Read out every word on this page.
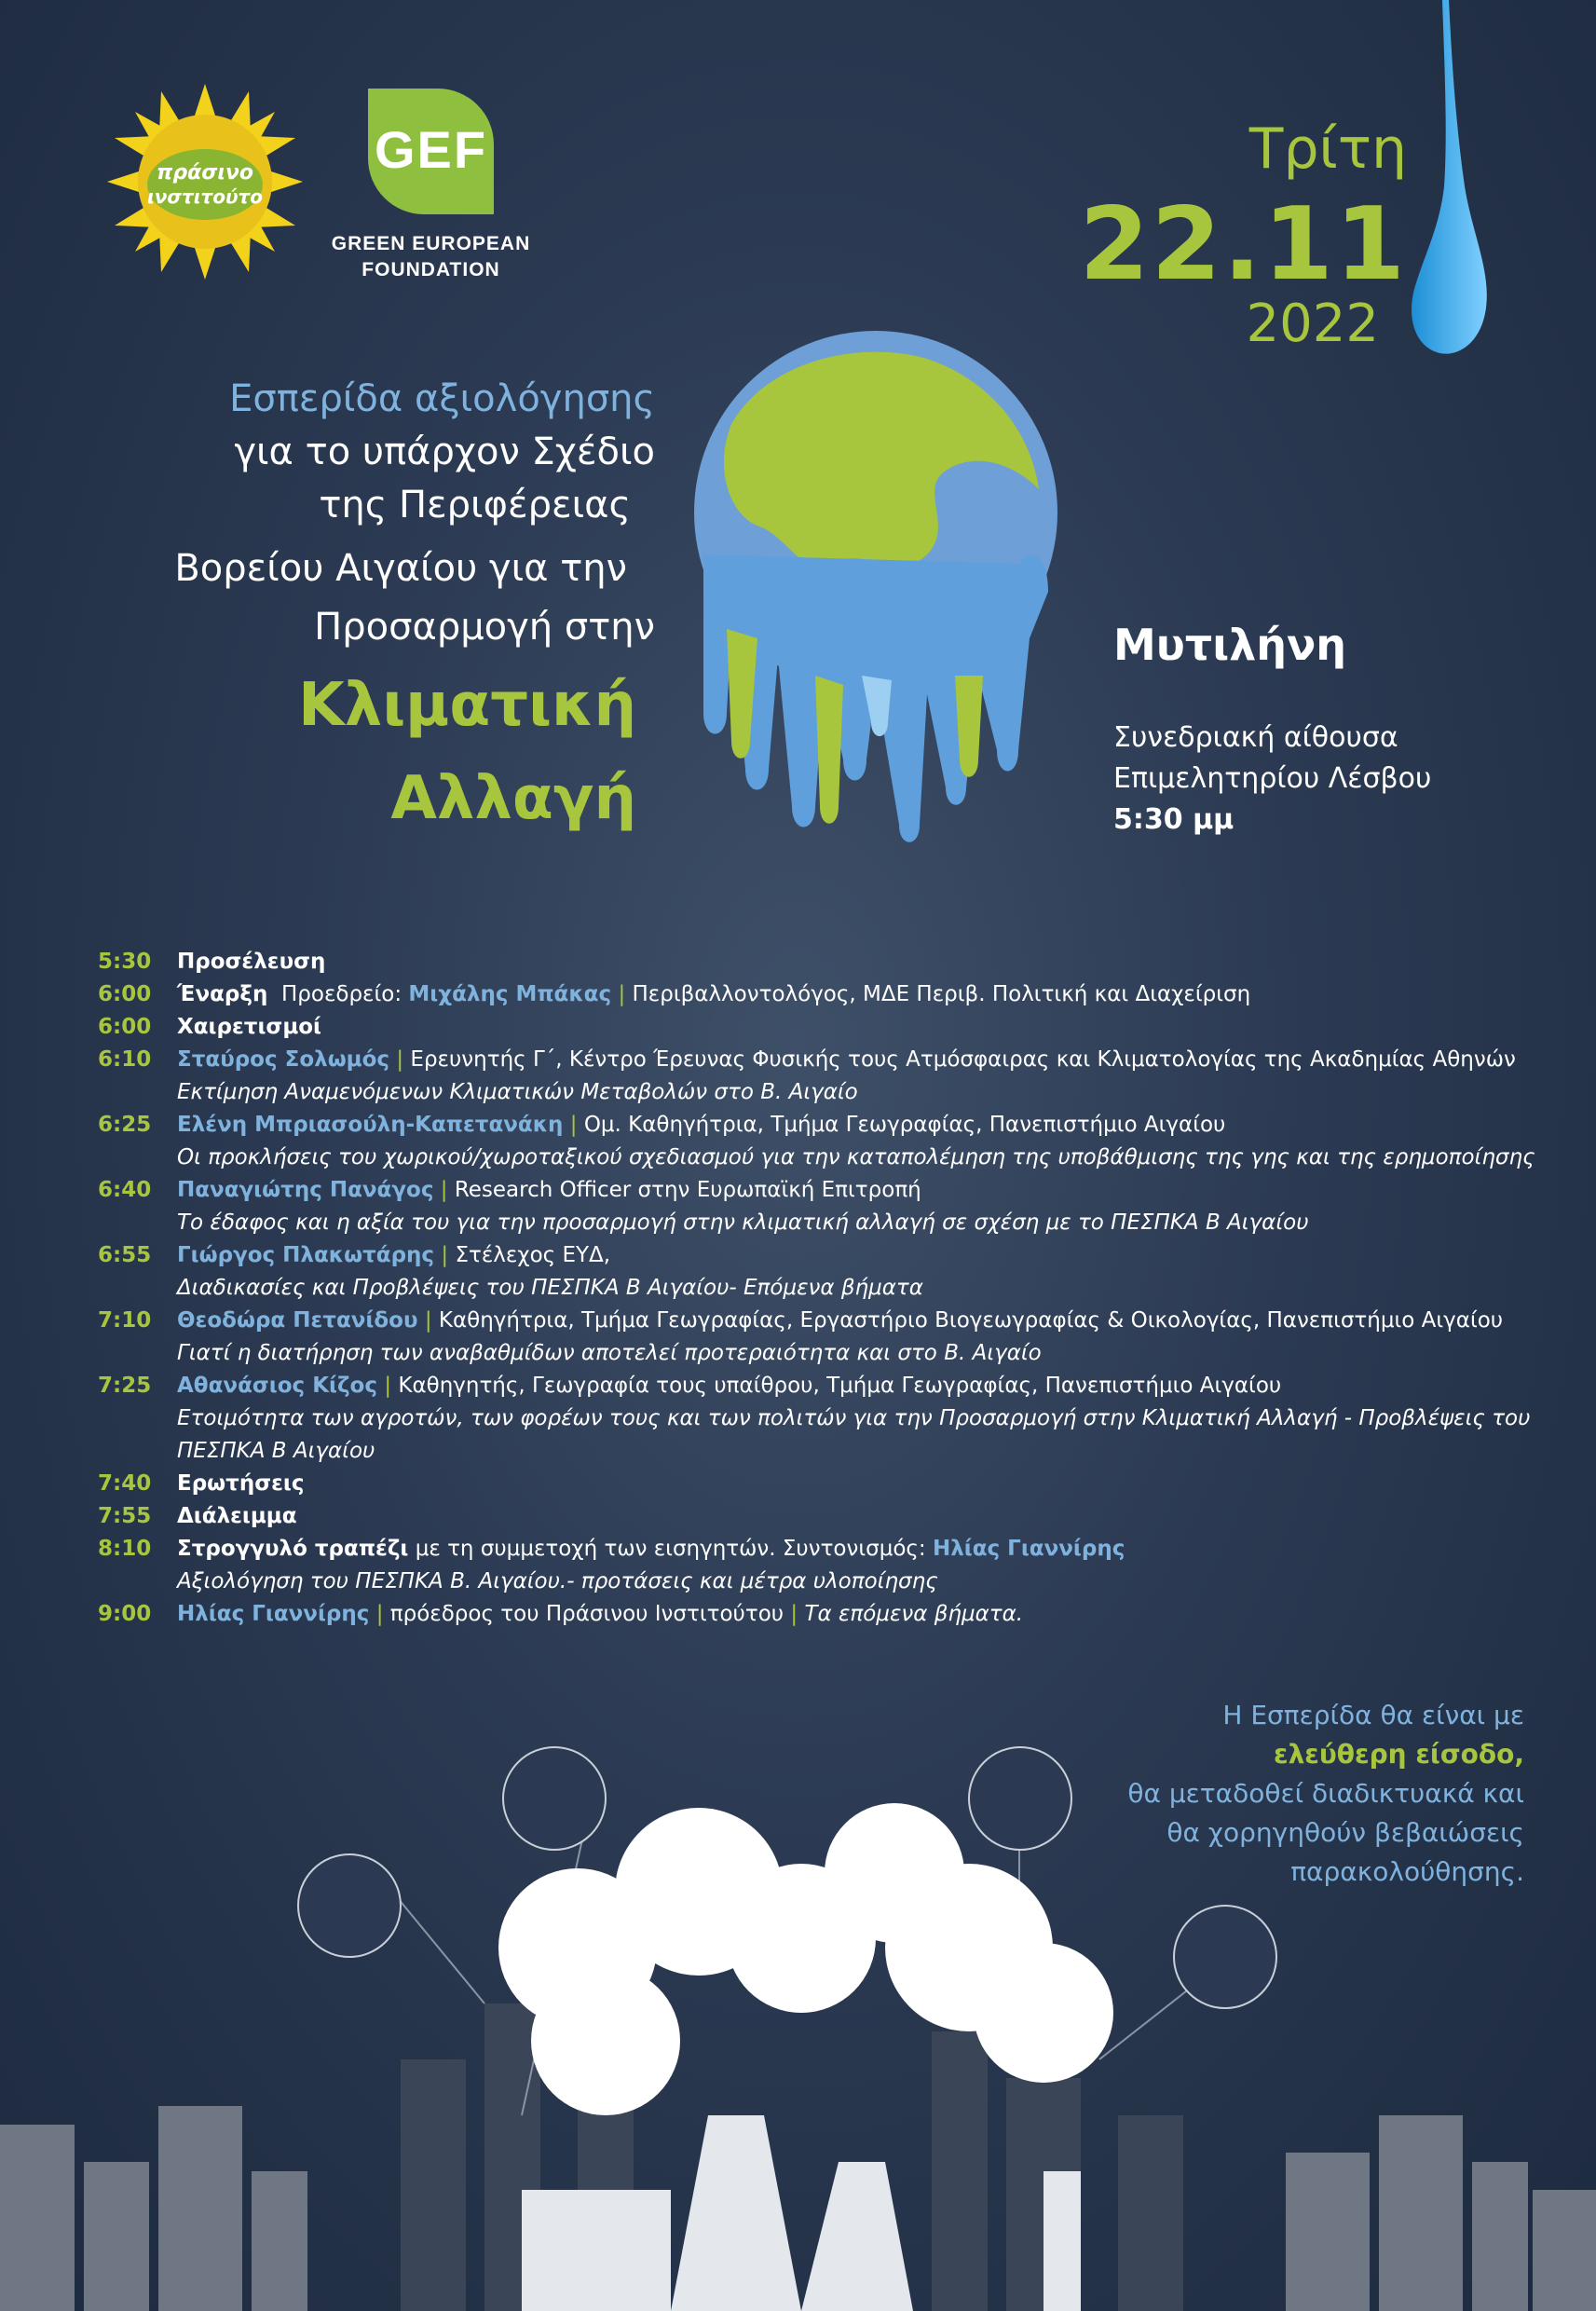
πράσινο
ινστιτούτο
GEF
GREEN EUROPEAN
FOUNDATION
Τρίτη
22.11
2022
Εσπερίδα αξιολόγησης
για το υπάρχον Σχέδιο
της Περιφέρειας
Βορείου Αιγαίου για την
Προσαρμογή στην
Κλιματική
Αλλαγή
Μυτιλήνη
Συνεδριακή αίθουσα
Επιμελητηρίου Λέσβου
5:30 μμ
5:30	Προσέλευση
6:00	Έναρξη Προεδρείο: Μιχάλης Μπάκας | Περιβαλλοντολόγος, ΜΔΕ Περιβ. Πολιτική και Διαχείριση
6:00	Χαιρετισμοί
6:10	Σταύρος Σολωμός | Ερευνητής Γ΄, Κέντρο Έρευνας Φυσικής τους Ατμόσφαιρας και Κλιματολογίας της Ακαδημίας Αθηνών
Εκτίμηση Αναμενόμενων Κλιματικών Μεταβολών στο Β. Αιγαίο
6:25	Ελένη Μπριασούλη-Καπετανάκη | Ομ. Καθηγήτρια, Τμήμα Γεωγραφίας, Πανεπιστήμιο Αιγαίου
Οι προκλήσεις του χωρικού/χωροταξικού σχεδιασμού για την καταπολέμηση της υποβάθμισης της γης και της ερημοποίησης
6:40	Παναγιώτης Πανάγος | Research Officer στην Ευρωπαϊκή Επιτροπή
Το έδαφος και η αξία του για την προσαρμογή στην κλιματική αλλαγή σε σχέση με το ΠΕΣΠΚΑ Β Αιγαίου
6:55	Γιώργος Πλακωτάρης | Στέλεχος ΕΥΔ,
Διαδικασίες και Προβλέψεις του ΠΕΣΠΚΑ Β Αιγαίου- Επόμενα βήματα
7:10	Θεοδώρα Πετανίδου | Καθηγήτρια, Τμήμα Γεωγραφίας, Εργαστήριο Βιογεωγραφίας & Οικολογίας, Πανεπιστήμιο Αιγαίου
Γιατί η διατήρηση των αναβαθμίδων αποτελεί προτεραιότητα και στο Β. Αιγαίο
7:25	Αθανάσιος Κίζος | Καθηγητής, Γεωγραφία τους υπαίθρου, Τμήμα Γεωγραφίας, Πανεπιστήμιο Αιγαίου
Ετοιμότητα των αγροτών, των φορέων τους και των πολιτών για την Προσαρμογή στην Κλιματική Αλλαγή - Προβλέψεις του
ΠΕΣΠΚΑ Β Αιγαίου
7:40	Ερωτήσεις
7:55	Διάλειμμα
8:10	Στρογγυλό τραπέζι με τη συμμετοχή των εισηγητών. Συντονισμός: Ηλίας Γιαννίρης
Αξιολόγηση του ΠΕΣΠΚΑ Β. Αιγαίου.- προτάσεις και μέτρα υλοποίησης
9:00	Ηλίας Γιαννίρης | πρόεδρος του Πράσινου Ινστιτούτου | Τα επόμενα βήματα.
Η Εσπερίδα θα είναι με
ελεύθερη είσοδο,
θα μεταδοθεί διαδικτυακά και
θα χορηγηθούν βεβαιώσεις
παρακολούθησης.
